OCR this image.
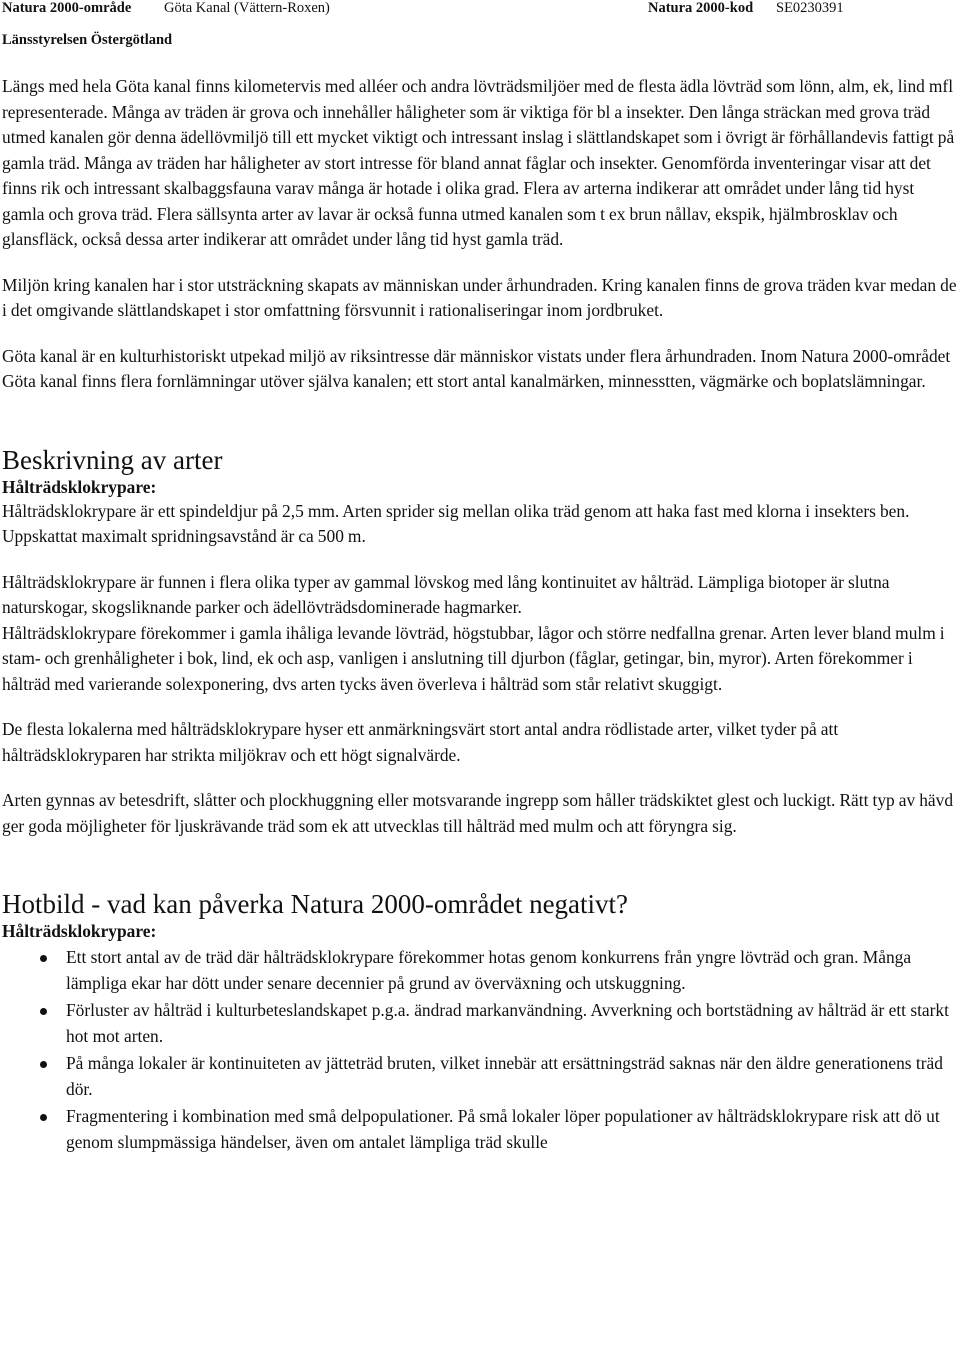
Natura 2000-område Göta Kanal (Vättern-Roxen)	Natura 2000-kod SE0230391
Länsstyrelsen Östergötland

Längs med hela Göta kanal finns kilometervis med alléer och andra lövträdsmiljöer med de flesta ädla lövträd som lönn, alm, ek, lind mfl representerade. Många av träden är grova och innehåller håligheter som är viktiga för bl a insekter. Den långa sträckan med grova träd utmed kanalen gör denna ädellövmiljö till ett mycket viktigt och intressant inslag i slättlandskapet som i övrigt är förhållandevis fattigt på gamla träd. Många av träden har håligheter av stort intresse för bland annat fåglar och insekter. Genomförda inventeringar visar att det finns rik och intressant skalbaggsfauna varav många är hotade i olika grad. Flera av arterna indikerar att området under lång tid hyst gamla och grova träd. Flera sällsynta arter av lavar är också funna utmed kanalen som t ex brun nållav, ekspik, hjälmbrosklav och glansfläck, också dessa arter indikerar att området under lång tid hyst gamla träd.

Miljön kring kanalen har i stor utsträckning skapats av människan under århundraden. Kring kanalen finns de grova träden kvar medan de i det omgivande slättlandskapet i stor omfattning försvunnit i rationaliseringar inom jordbruket.

Göta kanal är en kulturhistoriskt utpekad miljö av riksintresse där människor vistats under flera århundraden. Inom Natura 2000-området Göta kanal finns flera fornlämningar utöver själva kanalen; ett stort antal kanalmärken, minnesstten, vägmärke och boplatslämningar.

Beskrivning av arter
Hålträdsklokrypare:

Hålträdsklokrypare är ett spindeldjur på 2,5 mm. Arten sprider sig mellan olika träd genom att haka fast med klorna i insekters ben. Uppskattat maximalt spridningsavstånd är ca 500 m.

Hålträdsklokrypare är funnen i flera olika typer av gammal lövskog med lång kontinuitet av hålträd. Lämpliga biotoper är slutna naturskogar, skogsliknande parker och ädellövträdsdominerade hagmarker.

Hålträdsklokrypare förekommer i gamla ihåliga levande lövträd, högstubbar, lågor och större nedfallna grenar. Arten lever bland mulm i stam- och grenhåligheter i bok, lind, ek och asp, vanligen i anslutning till djurbon (fåglar, getingar, bin, myror). Arten förekommer i hålträd med varierande solexponering, dvs arten tycks även överleva i hålträd som står relativt skuggigt.

De flesta lokalerna med hålträdsklokrypare hyser ett anmärkningsvärt stort antal andra rödlistade arter, vilket tyder på att hålträdsklokryparen har strikta miljökrav och ett högt signalvärde.

Arten gynnas av betesdrift, slåtter och plockhuggning eller motsvarande ingrepp som håller trädskiktet glest och luckigt. Rätt typ av hävd ger goda möjligheter för ljuskrävande träd som ek att utvecklas till hålträd med mulm och att föryngra sig.

Hotbild - vad kan påverka Natura 2000-området negativt?
Hålträdsklokrypare:
Ett stort antal av de träd där hålträdsklokrypare förekommer hotas genom konkurrens från yngre lövträd och gran. Många lämpliga ekar har dött under senare decennier på grund av överväxning och utskuggning.
Förluster av hålträd i kulturbeteslandskapet p.g.a. ändrad markanvändning. Avverkning och bortstädning av hålträd är ett starkt hot mot arten.
På många lokaler är kontinuiteten av jätteträd bruten, vilket innebär att ersättningsträd saknas när den äldre generationens träd dör.
Fragmentering i kombination med små delpopulationer. På små lokaler löper populationer av hålträdsklokrypare risk att dö ut genom slumpmässiga händelser, även om antalet lämpliga träd skulle
